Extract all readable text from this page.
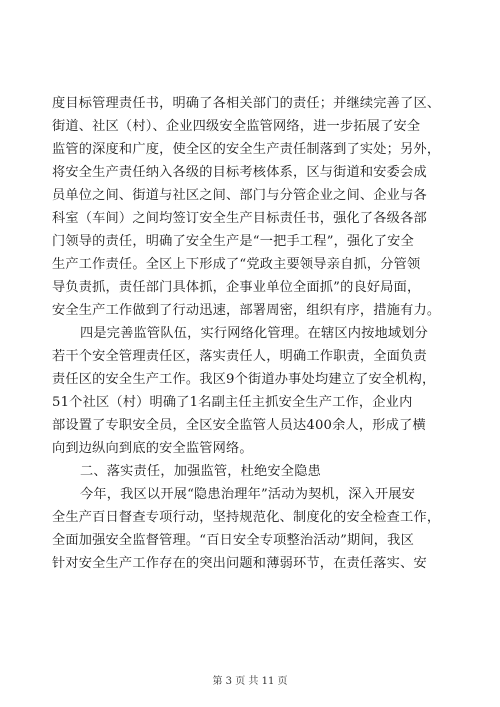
度目标管理责任书，明确了各相关部门的责任；并继续完善了区、
街道、社区（村）、企业四级安全监管网络，进一步拓展了安全
监管的深度和广度，使全区的安全生产责任制落到了实处；另外，
将安全生产责任纳入各级的目标考核体系，区与街道和安委会成
员单位之间、街道与社区之间、部门与分管企业之间、企业与各
科室（车间）之间均签订安全生产目标责任书，强化了各级各部
门领导的责任，明确了安全生产是“一把手工程”，强化了安全
生产工作责任。全区上下形成了“党政主要领导亲自抓，分管领
导负责抓，责任部门具体抓，企事业单位全面抓”的良好局面，
安全生产工作做到了行动迅速，部署周密，组织有序，措施有力。
四是完善监管队伍，实行网络化管理。在辖区内按地域划分
若干个安全管理责任区，落实责任人，明确工作职责，全面负责
责任区的安全生产工作。我区9个街道办事处均建立了安全机构，
51个社区（村）明确了1名副主任主抓安全生产工作，企业内
部设置了专职安全员，全区安全监管人员达400余人，形成了横
向到边纵向到底的安全监管网络。
二、落实责任，加强监管，杜绝安全隐患
今年，我区以开展“隐患治理年”活动为契机，深入开展安
全生产百日督查专项行动，坚持规范化、制度化的安全检查工作，
全面加强安全监督管理。“百日安全专项整治活动”期间，我区
针对安全生产工作存在的突出问题和薄弱环节，在责任落实、安
第 3 页 共 11 页
